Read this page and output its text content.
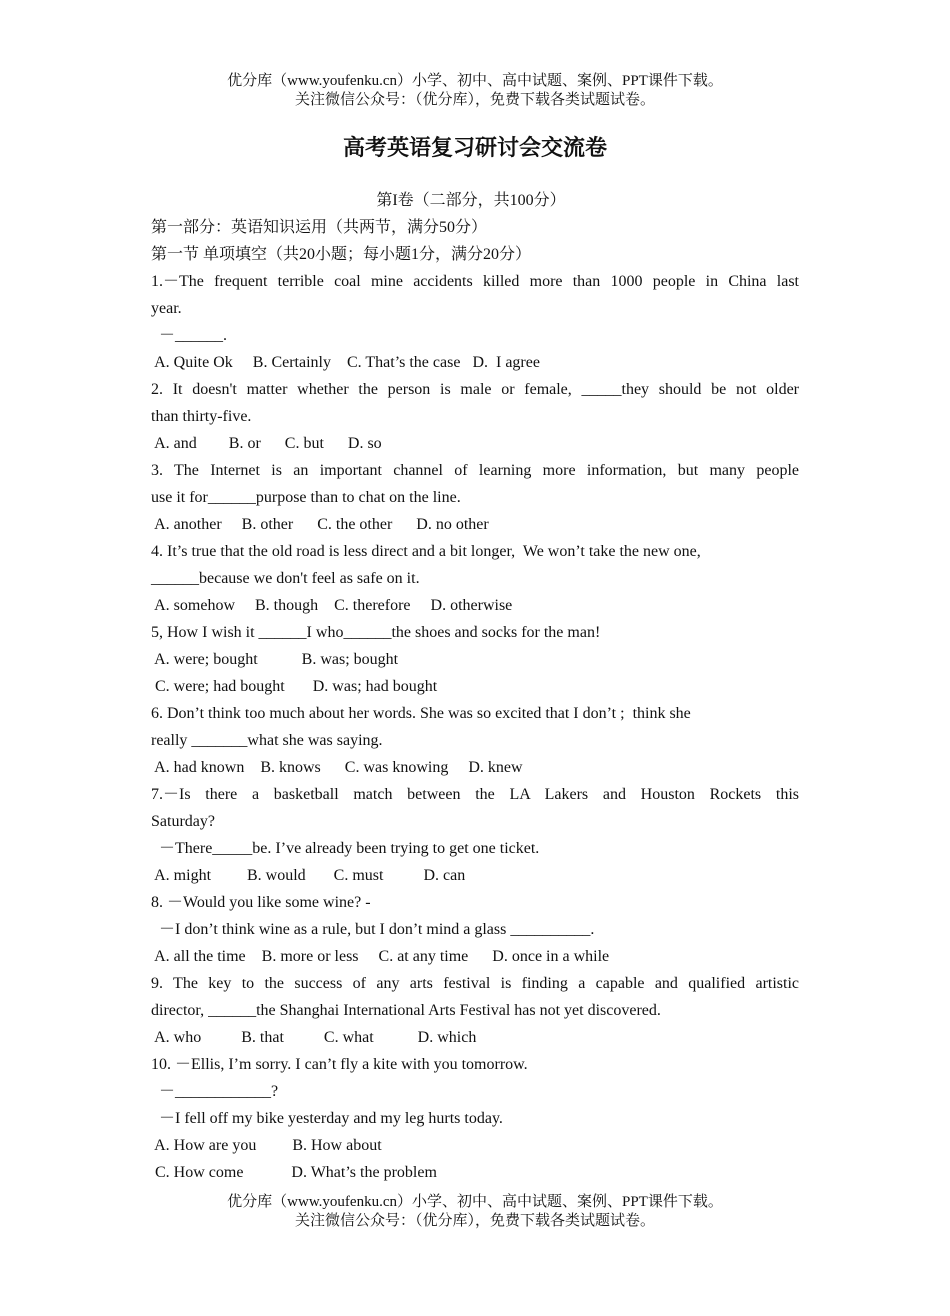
优分库（www.youfenku.cn）小学、初中、高中试题、案例、PPT课件下载。
关注微信公众号：（优分库），免费下载各类试题试卷。
高考英语复习研讨会交流卷
第I卷（二部分，共100分）
第一部分：英语知识运用（共两节，满分50分）
第一节 单项填空（共20小题；每小题1分，满分20分）
1.－The frequent terrible coal mine accidents killed more than 1000 people in China last
year.
－______.
A. Quite Ok     B. Certainly    C. That’s the case   D.  I agree
2. It doesn't matter whether the person is male or female, _____they should be not older
than thirty-five.
A. and        B. or      C. but      D. so
3. The Internet is an important channel of learning more information, but many people
use it for______purpose than to chat on the line.
A. another     B. other      C. the other      D. no other
4. It’s true that the old road is less direct and a bit longer,  We won’t take the new one,
______because we don't feel as safe on it.
A. somehow     B. though    C. therefore     D. otherwise
5, How I wish it ______I who______the shoes and socks for the man!
A. were; bought           B. was; bought
C. were; had bought       D. was; had bought
6. Don’t think too much about her words. She was so excited that I don’t ;  think she
really _______what she was saying.
A. had known    B. knows      C. was knowing     D. knew
7.－Is there a basketball match between the LA Lakers and Houston Rockets this
Saturday?
－There_____be. I’ve already been trying to get one ticket.
A. might         B. would       C. must          D. can
8. －Would you like some wine? -
－I don’t think wine as a rule, but I don’t mind a glass __________.
A. all the time    B. more or less     C. at any time      D. once in a while
9. The key to the success of any arts festival is finding a capable and qualified artistic
director, ______the Shanghai International Arts Festival has not yet discovered.
A. who          B. that          C. what           D. which
10. －Ellis, I’m sorry. I can’t fly a kite with you tomorrow.
－____________?
－I fell off my bike yesterday and my leg hurts today.
A. How are you         B. How about
C. How come            D. What’s the problem
优分库（www.youfenku.cn）小学、初中、高中试题、案例、PPT课件下载。
关注微信公众号：（优分库），免费下载各类试题试卷。
